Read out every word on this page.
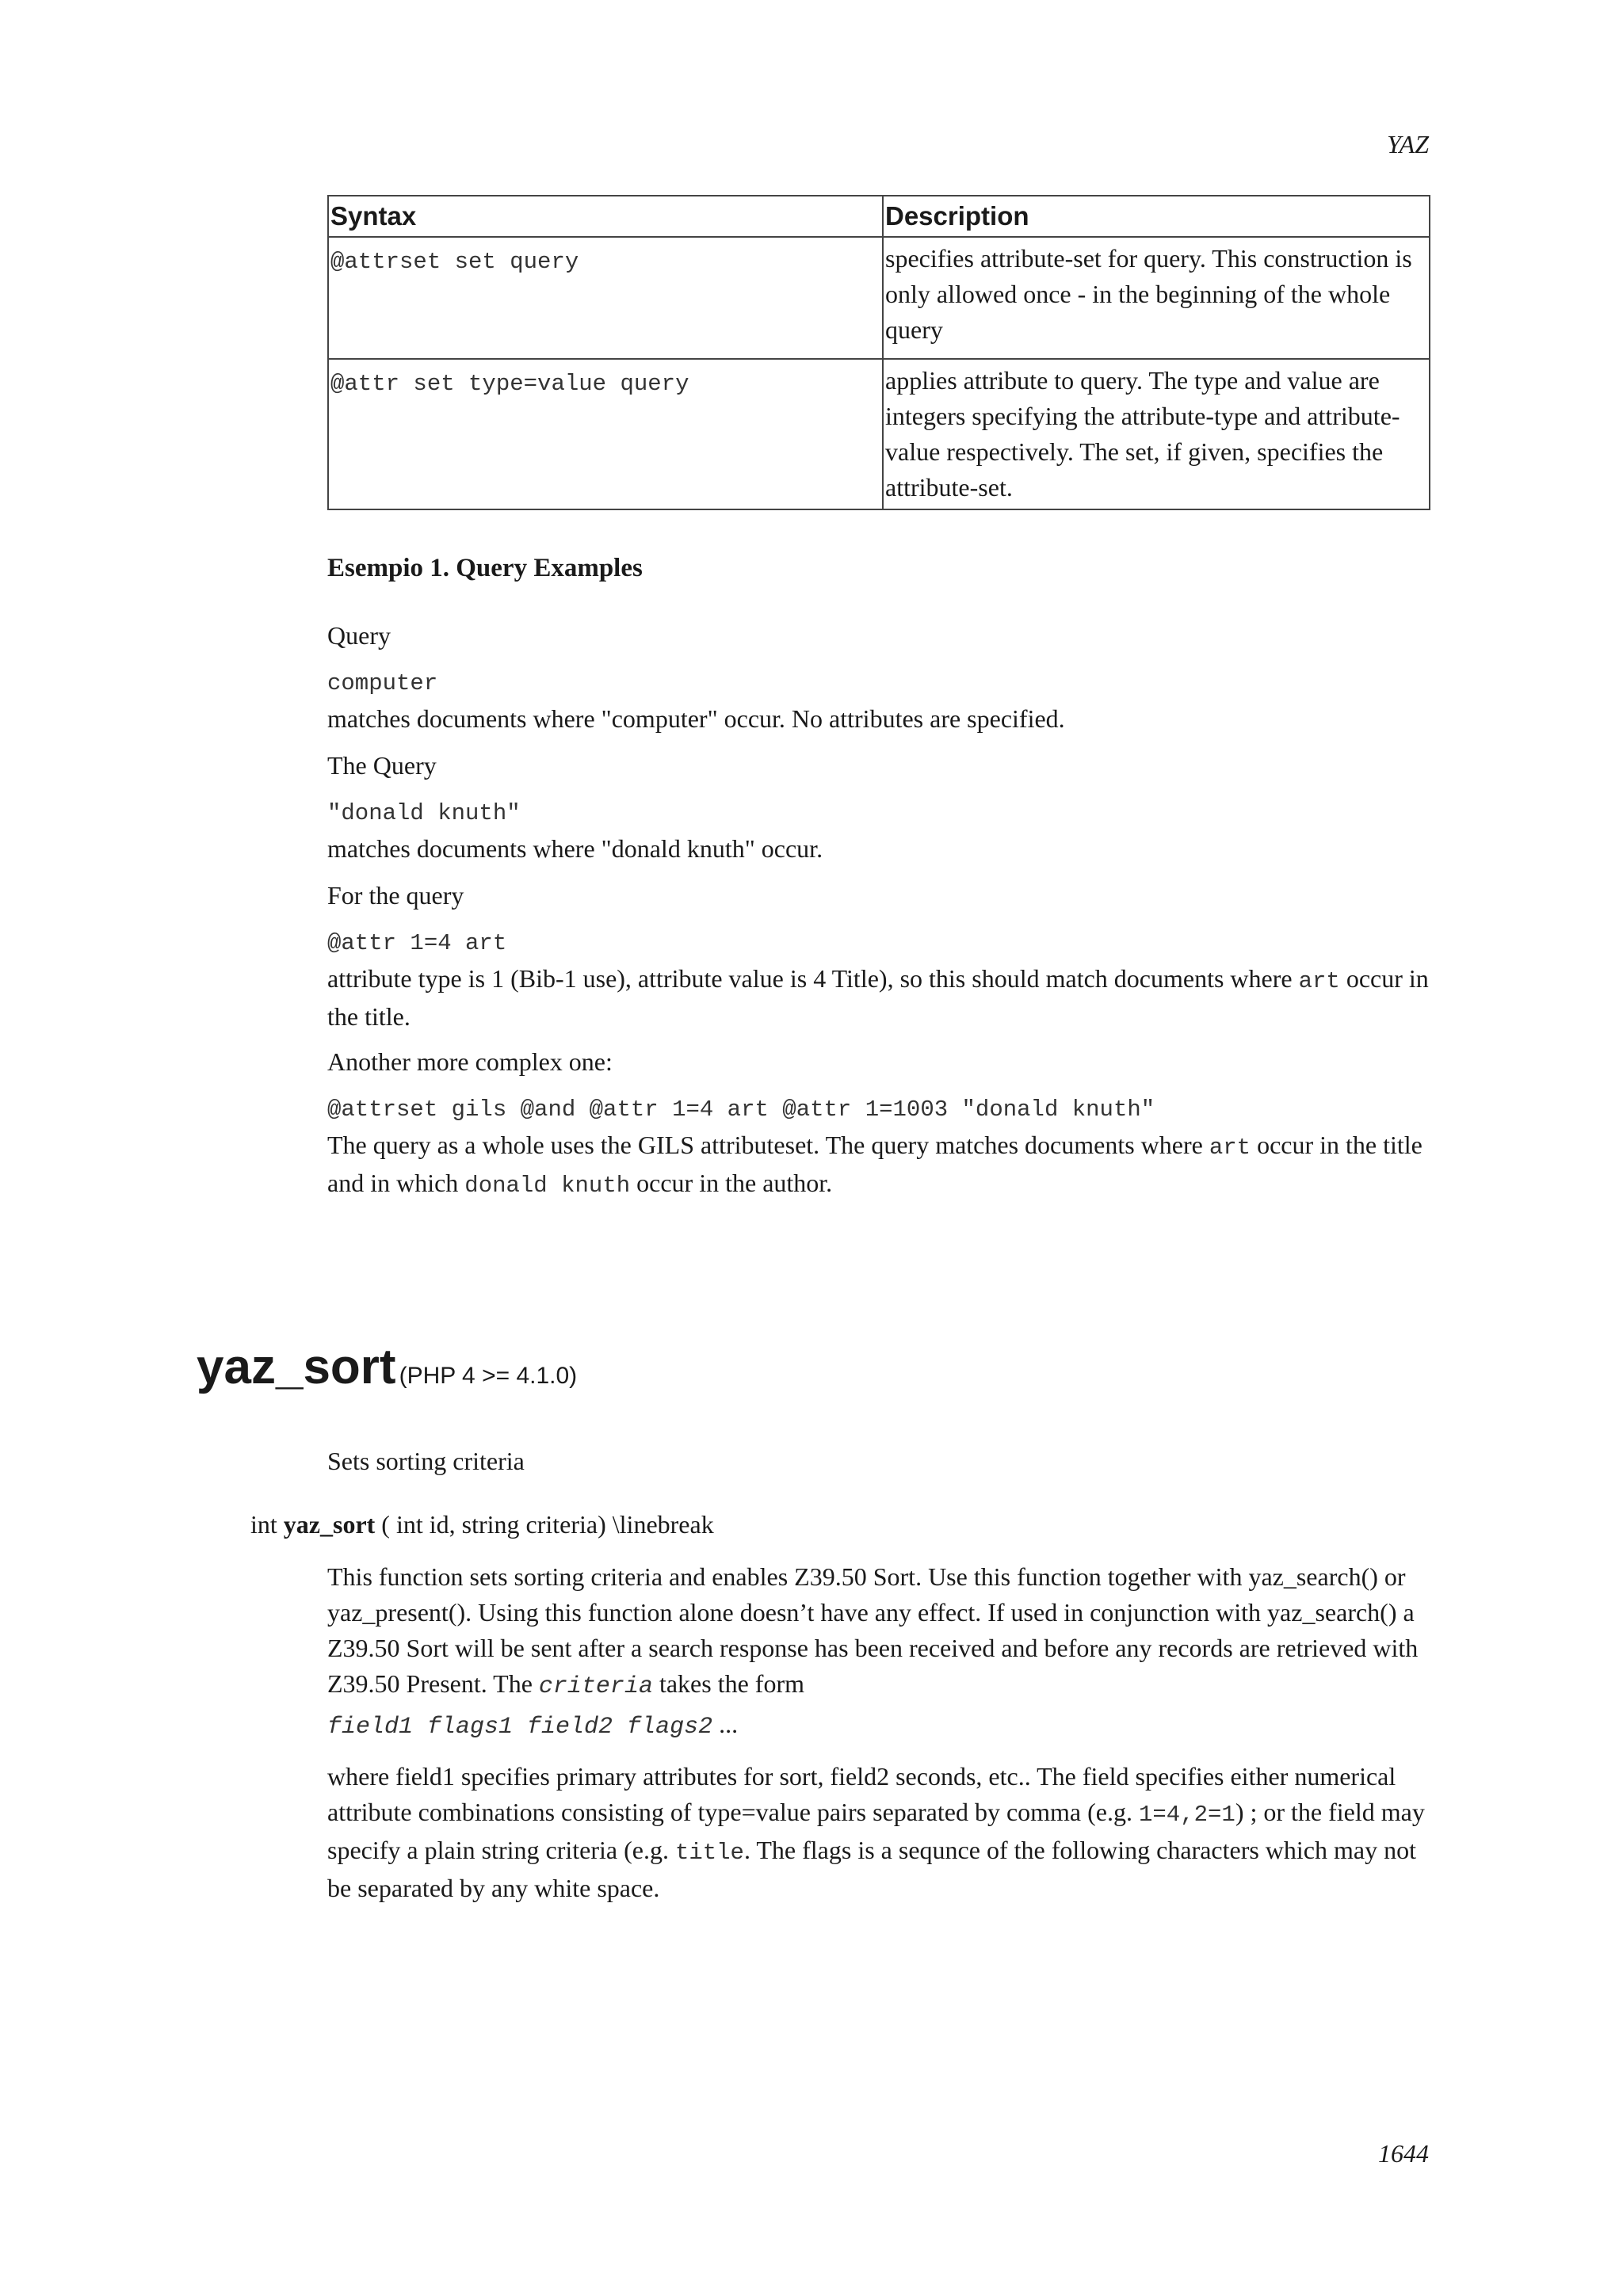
YAZ
Syntax	Description
@attrset set query	specifies attribute-set for query. This construction is only allowed once - in the beginning of the whole query
@attr set type=value query	applies attribute to query. The type and value are integers specifying the attribute-type and attribute-value respectively. The set, if given, specifies the attribute-set.
Esempio 1. Query Examples
Query
computer
matches documents where "computer" occur. No attributes are specified.
The Query
"donald knuth"
matches documents where "donald knuth" occur.
For the query
@attr 1=4 art
attribute type is 1 (Bib-1 use), attribute value is 4 Title), so this should match documents where art occur in the title.
Another more complex one:
@attrset gils @and @attr 1=4 art @attr 1=1003 "donald knuth"
The query as a whole uses the GILS attributeset. The query matches documents where art occur in the title and in which donald knuth occur in the author.
yaz_sort (PHP 4 >= 4.1.0)
Sets sorting criteria
int yaz_sort ( int id, string criteria) \linebreak
This function sets sorting criteria and enables Z39.50 Sort. Use this function together with yaz_search() or yaz_present(). Using this function alone doesn’t have any effect. If used in conjunction with yaz_search() a Z39.50 Sort will be sent after a search response has been received and before any records are retrieved with Z39.50 Present. The criteria takes the form
field1 flags1 field2 flags2 ...
where field1 specifies primary attributes for sort, field2 seconds, etc.. The field specifies either numerical attribute combinations consisting of type=value pairs separated by comma (e.g. 1=4,2=1) ; or the field may specify a plain string criteria (e.g. title. The flags is a sequnce of the following characters which may not be separated by any white space.
1644
